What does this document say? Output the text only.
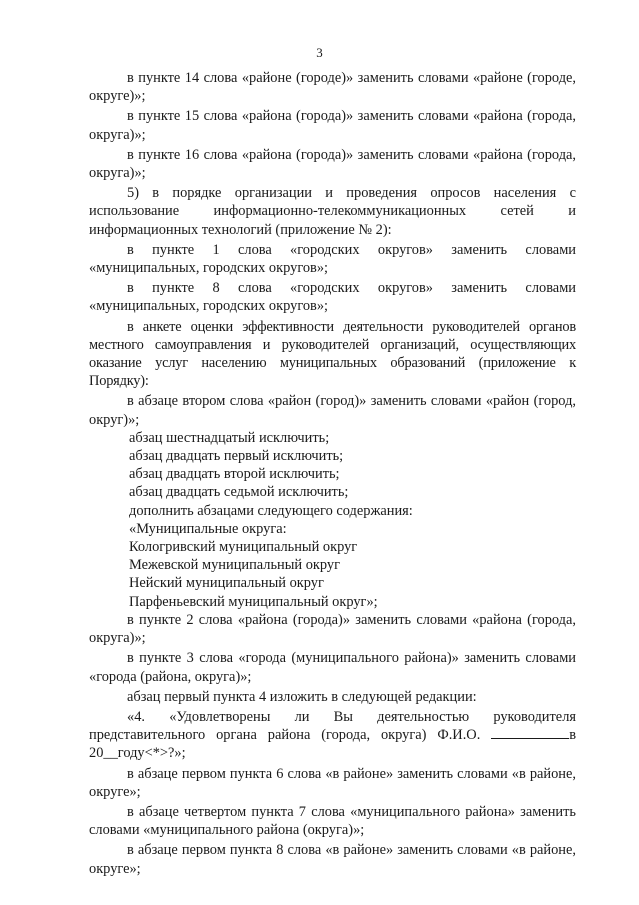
3

в пункте 14 слова «районе (городе)» заменить словами «районе (городе, округе)»;

в пункте 15 слова «района (города)» заменить словами «района (города, округа)»;

в пункте 16 слова «района (города)» заменить словами «района (города, округа)»;

5) в порядке организации и проведения опросов населения с использование информационно-телекоммуникационных сетей и информационных технологий (приложение № 2):

в пункте 1 слова «городских округов» заменить словами «муниципальных, городских округов»;

в пункте 8 слова «городских округов» заменить словами «муниципальных, городских округов»;

в анкете оценки эффективности деятельности руководителей органов местного самоуправления и руководителей организаций, осуществляющих оказание услуг населению муниципальных образований (приложение к Порядку):

в абзаце втором слова «район (город)» заменить словами «район (город, округ)»;

абзац шестнадцатый исключить;

абзац двадцать первый исключить;

абзац двадцать второй исключить;

абзац двадцать седьмой исключить;

дополнить абзацами следующего содержания:

«Муниципальные округа:

Кологривский муниципальный округ

Межевской муниципальный округ

Нейский муниципальный округ

Парфеньевский муниципальный округ»;

в пункте 2 слова «района (города)» заменить словами «района (города, округа)»;

в пункте 3 слова «города (муниципального района)» заменить словами «города (района, округа)»;

абзац первый пункта 4 изложить в следующей редакции:

«4. «Удовлетворены ли Вы деятельностью руководителя представительного органа района (города, округа) Ф.И.О.	в 20__году<*>?»;

в абзаце первом пункта 6 слова «в районе» заменить словами «в районе, округе»;

в абзаце четвертом пункта 7 слова «муниципального района» заменить словами «муниципального района (округа)»;

в абзаце первом пункта 8 слова «в районе» заменить словами «в районе, округе»;
